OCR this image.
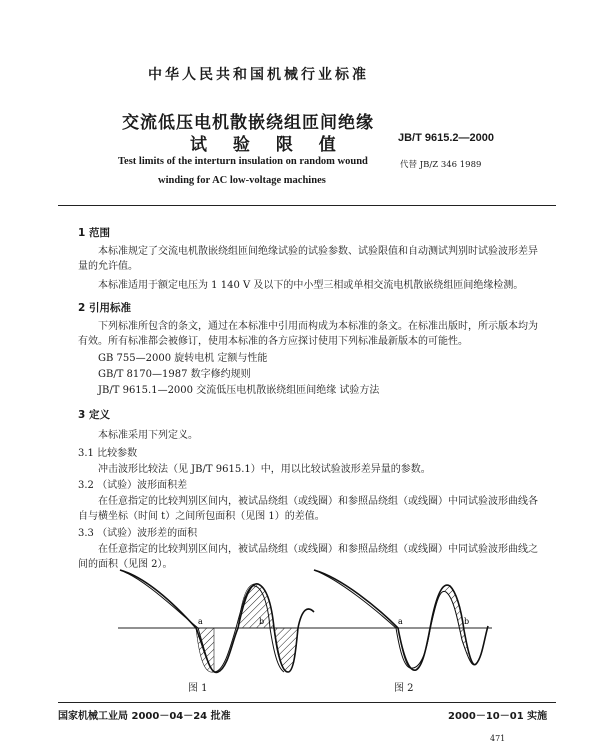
中华人民共和国机械行业标准
交流低压电机散嵌绕组匝间绝缘
试 验 限 值	JB/T 9615.2—2000
Test limits of the interturn insulation on random wound
winding for AC low-voltage machines
代替 JB/Z 346 1989
1 范围
本标准规定了交流电机散嵌绕组匝间绝缘试验的试验参数、试验限值和自动测试判别时试验波形差异量的允许值。
本标准适用于额定电压为 1 140 V 及以下的中小型三相或单相交流电机散嵌绕组匝间绝缘检测。
2 引用标准
下列标准所包含的条文，通过在本标准中引用而构成为本标准的条文。在标准出版时，所示版本均为有效。所有标准都会被修订，使用本标准的各方应探讨使用下列标准最新版本的可能性。
GB 755—2000 旋转电机 定额与性能
GB/T 8170—1987 数字修约规则
JB/T 9615.1—2000 交流低压电机散嵌绕组匝间绝缘 试验方法
3 定义
本标准采用下列定义。
3.1 比较参数
冲击波形比较法（见 JB/T 9615.1）中，用以比较试验波形差异量的参数。
3.2 （试验）波形面积差
在任意指定的比较判别区间内，被试品绕组（或线圈）和参照品绕组（或线圈）中同试验波形曲线各自与横坐标（时间 t）之间所包面积（见图 1）的差值。
3.3 （试验）波形差的面积
在任意指定的比较判别区间内，被试品绕组（或线圈）和参照品绕组（或线圈）中同试验波形曲线之间的面积（见图 2）。
a	b
图 1
a	b
图 2
国家机械工业局 2000－04－24 批准	2000－10－01 实施
471
